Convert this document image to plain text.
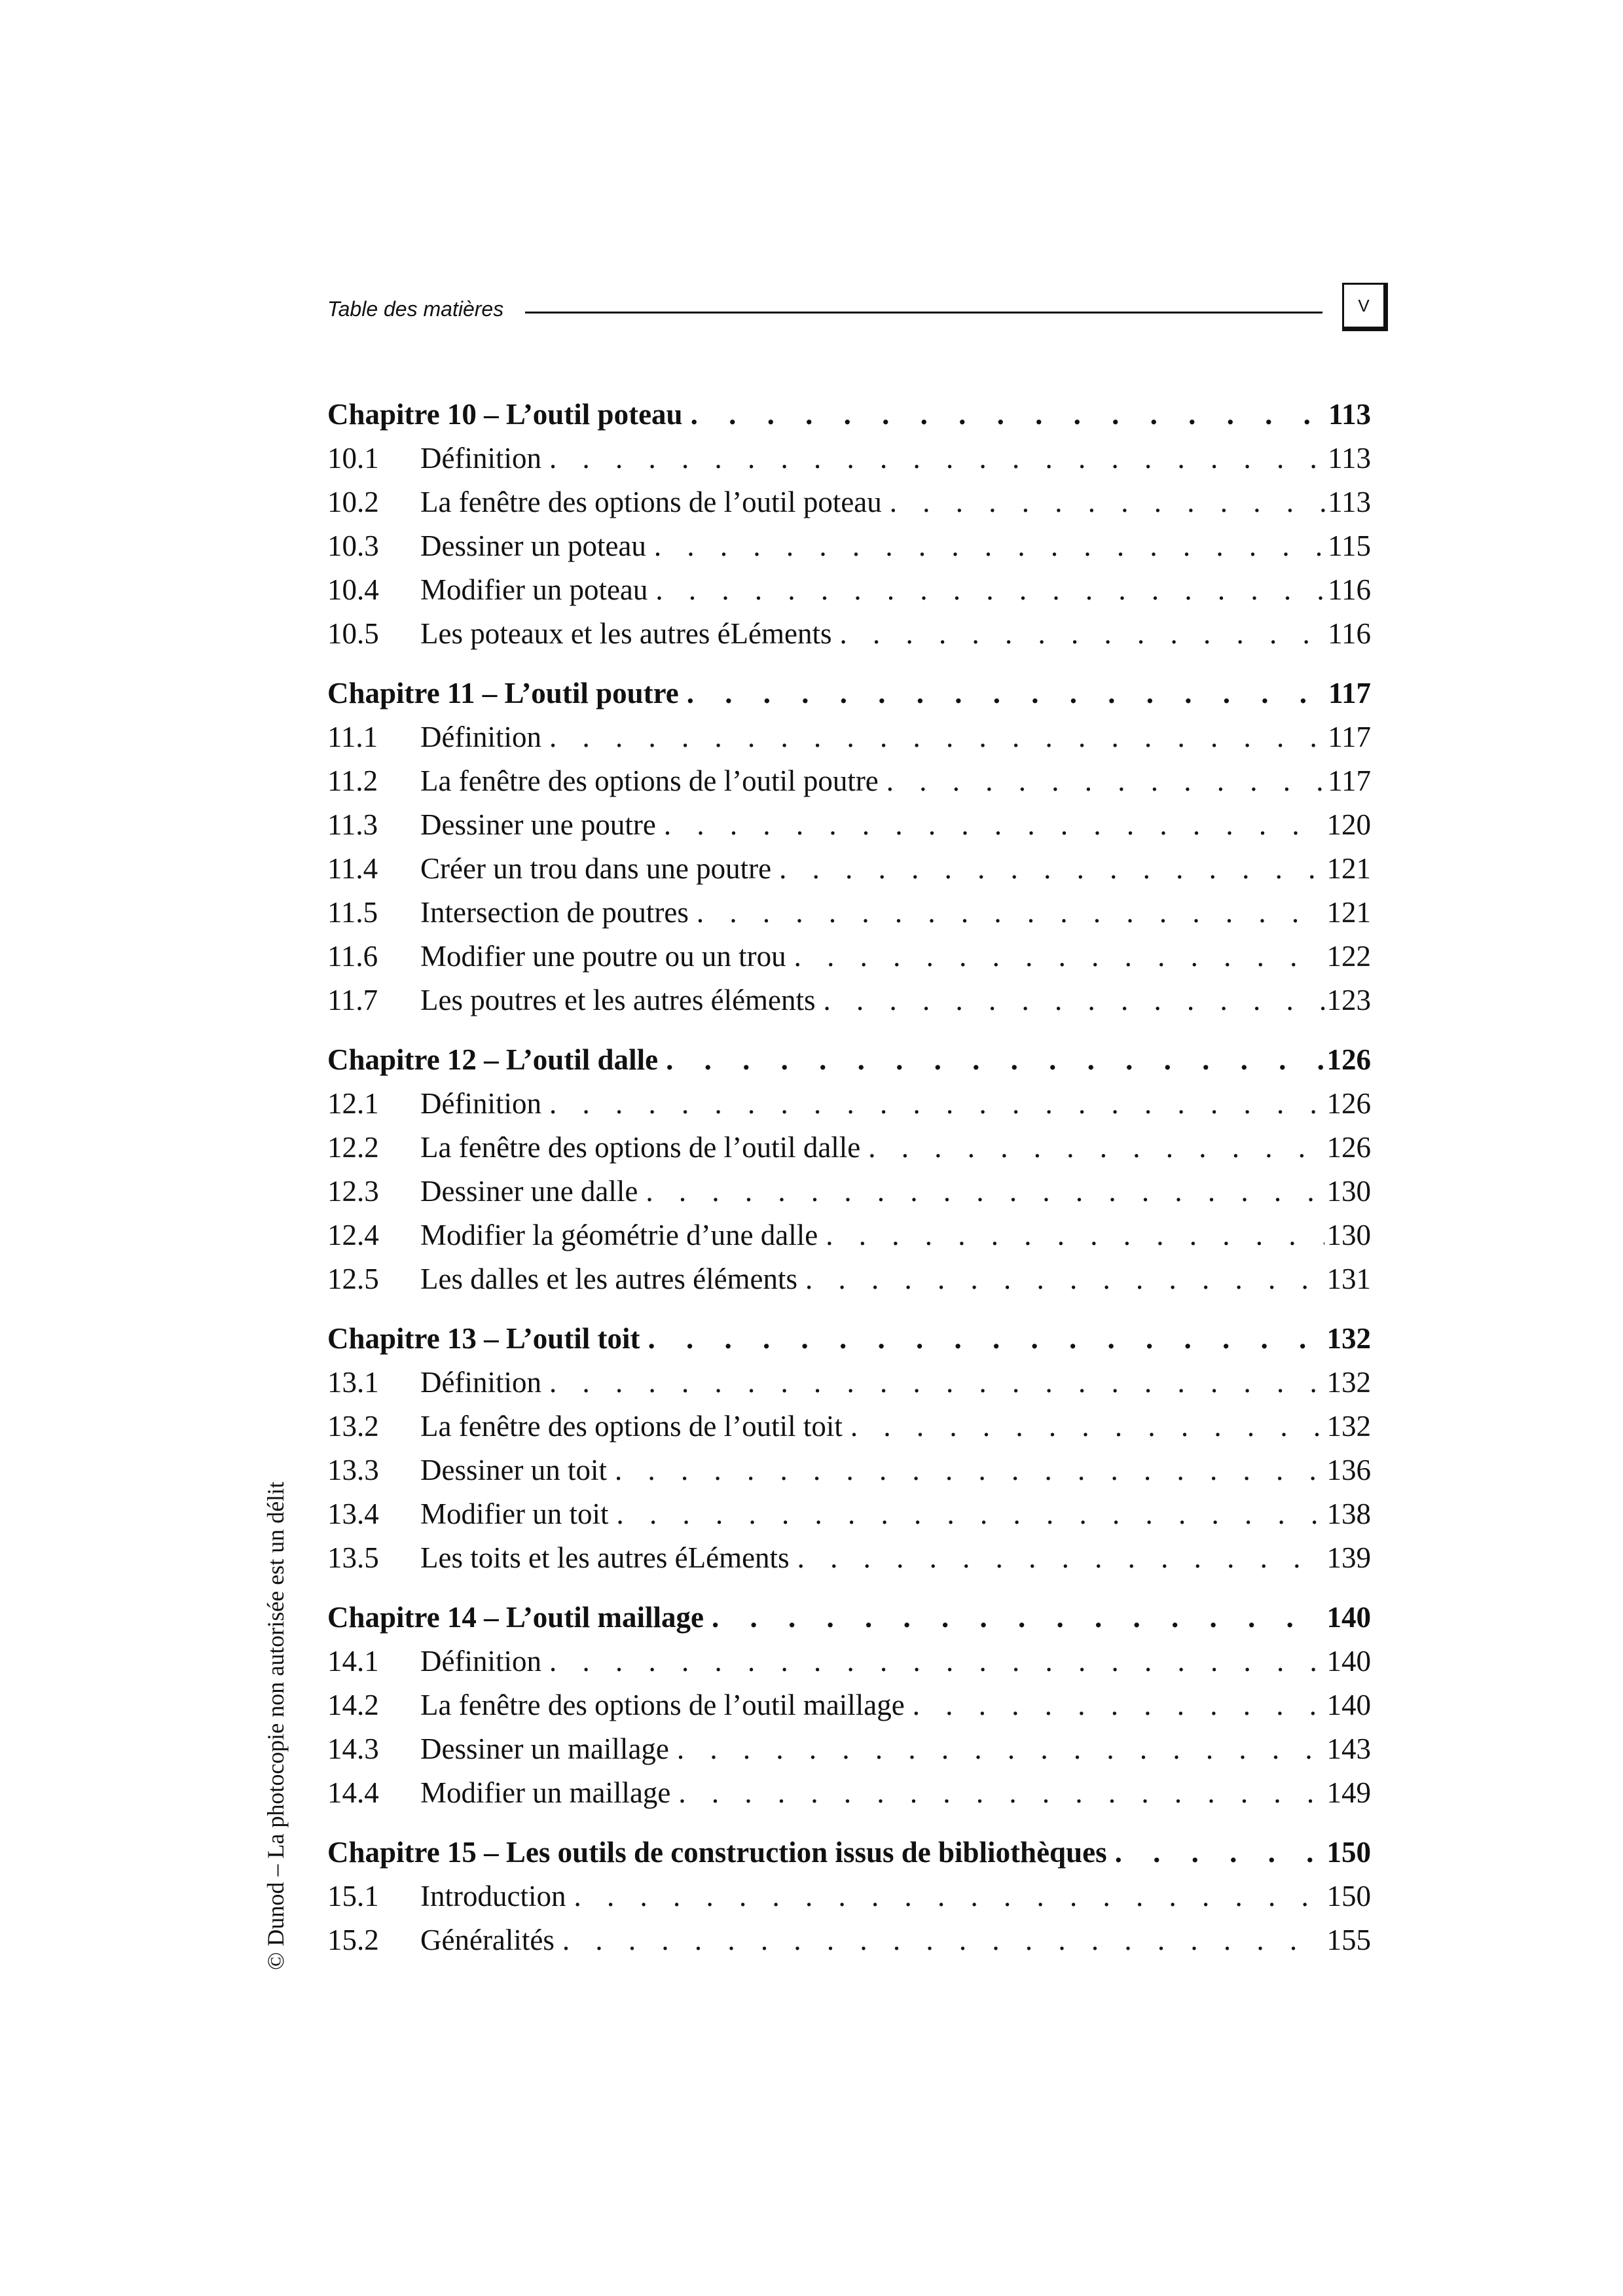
Table des matières	V
Chapitre 10 – L’outil poteau . . .	113
10.1	Définition . . .	113
10.2	La fenêtre des options de l’outil poteau . . .	113
10.3	Dessiner un poteau . . .	115
10.4	Modifier un poteau . . .	116
10.5	Les poteaux et les autres éLéments . . .	116
Chapitre 11 – L’outil poutre . . .	117
11.1	Définition . . .	117
11.2	La fenêtre des options de l’outil poutre . . .	117
11.3	Dessiner une poutre . . .	120
11.4	Créer un trou dans une poutre . . .	121
11.5	Intersection de poutres . . .	121
11.6	Modifier une poutre ou un trou . . .	122
11.7	Les poutres et les autres éléments . . .	123
Chapitre 12 – L’outil dalle . . .	126
12.1	Définition . . .	126
12.2	La fenêtre des options de l’outil dalle . . .	126
12.3	Dessiner une dalle . . .	130
12.4	Modifier la géométrie d’une dalle . . .	130
12.5	Les dalles et les autres éléments . . .	131
Chapitre 13 – L’outil toit . . .	132
13.1	Définition . . .	132
13.2	La fenêtre des options de l’outil toit . . .	132
13.3	Dessiner un toit . . .	136
13.4	Modifier un toit . . .	138
13.5	Les toits et les autres éLéments . . .	139
Chapitre 14 – L’outil maillage . . .	140
14.1	Définition . . .	140
14.2	La fenêtre des options de l’outil maillage . . .	140
14.3	Dessiner un maillage . . .	143
14.4	Modifier un maillage . . .	149
Chapitre 15 – Les outils de construction issus de bibliothèques . . .	150
15.1	Introduction . . .	150
15.2	Généralités . . .	155
© Dunod – La photocopie non autorisée est un délit
